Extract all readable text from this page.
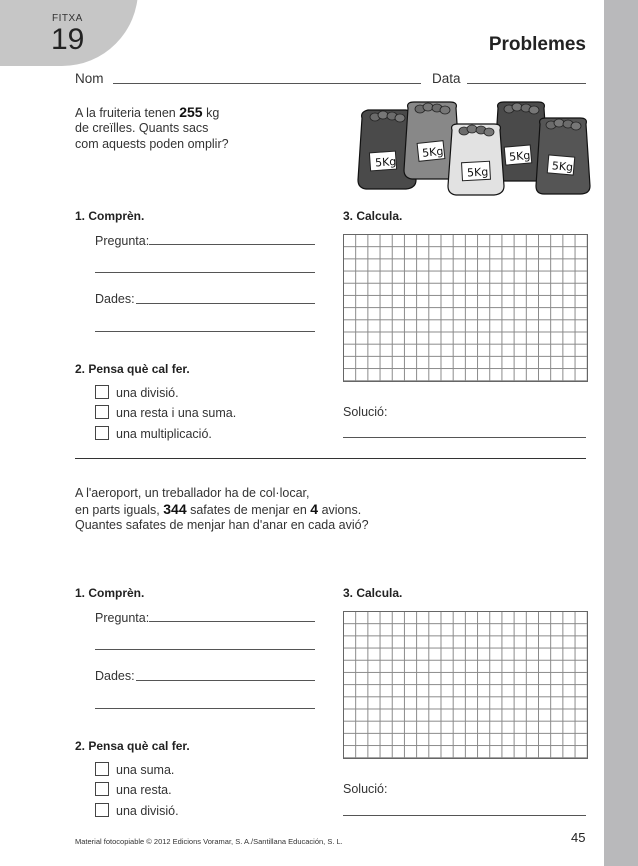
FITXA
19	Problemes
Nom	Data
A la fruiteria tenen 255 kg
de creïlles. Quants sacs
com aquests poden omplir?
5Kg
5Kg
5Kg
5Kg
5Kg
1. Comprèn.
Pregunta:
Dades:
2. Pensa què cal fer.
una divisió.
una resta i una suma.
una multiplicació.
3. Calcula.
Solució:
A l'aeroport, un treballador ha de col·locar,
en parts iguals, 344 safates de menjar en 4 avions.
Quantes safates de menjar han d'anar en cada avió?
1. Comprèn.
Pregunta:
Dades:
2. Pensa què cal fer.
una suma.
una resta.
una divisió.
3. Calcula.
Solució:
Material fotocopiable © 2012 Edicions Voramar, S. A./Santillana Educación, S. L.	45
